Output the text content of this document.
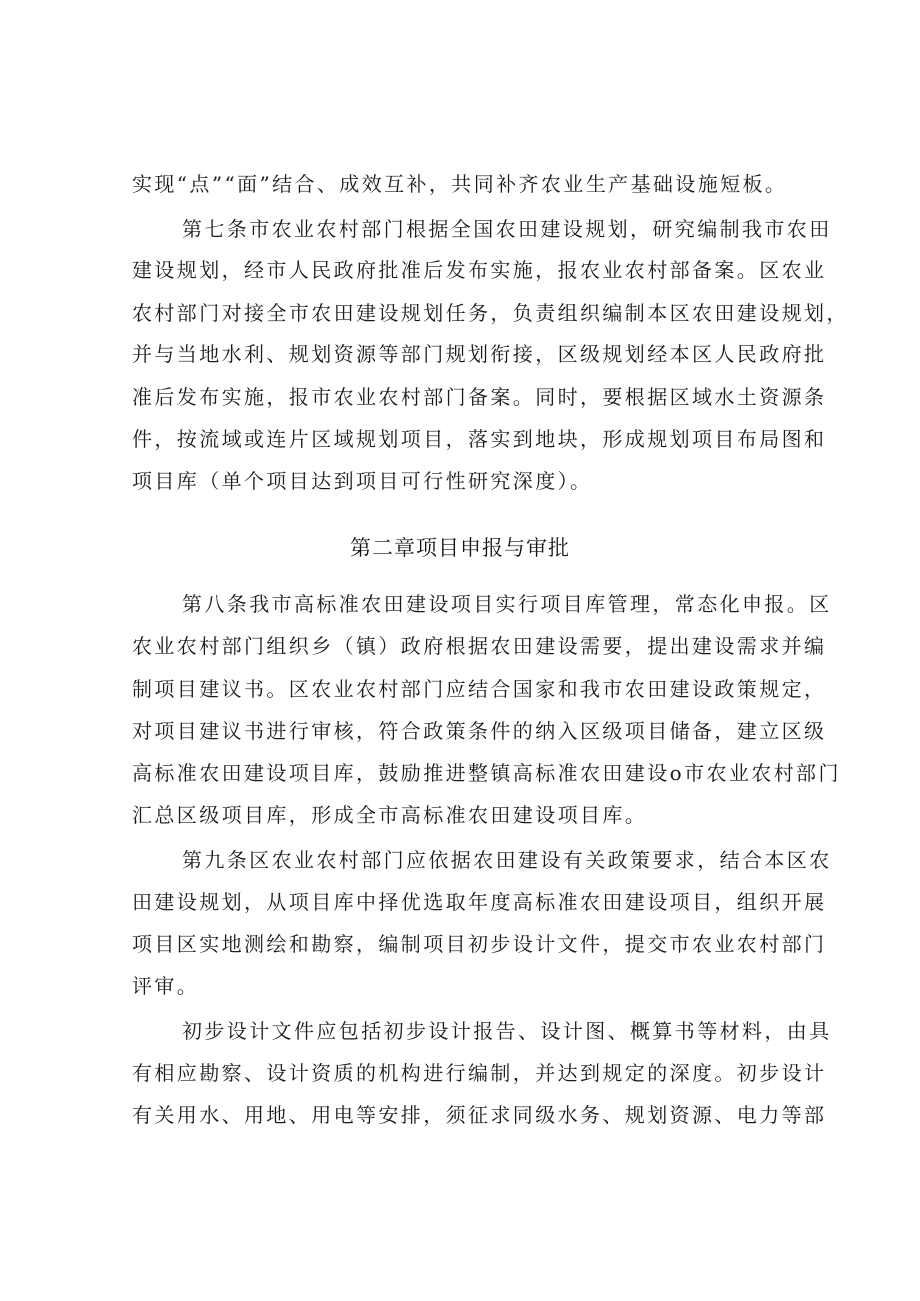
实现“点”“面”结合、成效互补，共同补齐农业生产基础设施短板。
第七条市农业农村部门根据全国农田建设规划，研究编制我市农田
建设规划，经市人民政府批准后发布实施，报农业农村部备案。区农业
农村部门对接全市农田建设规划任务，负责组织编制本区农田建设规划，
并与当地水利、规划资源等部门规划衔接，区级规划经本区人民政府批
准后发布实施，报市农业农村部门备案。同时，要根据区域水土资源条
件，按流域或连片区域规划项目，落实到地块，形成规划项目布局图和
项目库（单个项目达到项目可行性研究深度）。
第二章项目申报与审批
第八条我市高标准农田建设项目实行项目库管理，常态化申报。区
农业农村部门组织乡（镇）政府根据农田建设需要，提出建设需求并编
制项目建议书。区农业农村部门应结合国家和我市农田建设政策规定，
对项目建议书进行审核，符合政策条件的纳入区级项目储备，建立区级
高标准农田建设项目库，鼓励推进整镇高标准农田建设o市农业农村部门
汇总区级项目库，形成全市高标准农田建设项目库。
第九条区农业农村部门应依据农田建设有关政策要求，结合本区农
田建设规划，从项目库中择优选取年度高标准农田建设项目，组织开展
项目区实地测绘和勘察，编制项目初步设计文件，提交市农业农村部门
评审。
初步设计文件应包括初步设计报告、设计图、概算书等材料，由具
有相应勘察、设计资质的机构进行编制，并达到规定的深度。初步设计
有关用水、用地、用电等安排，须征求同级水务、规划资源、电力等部
